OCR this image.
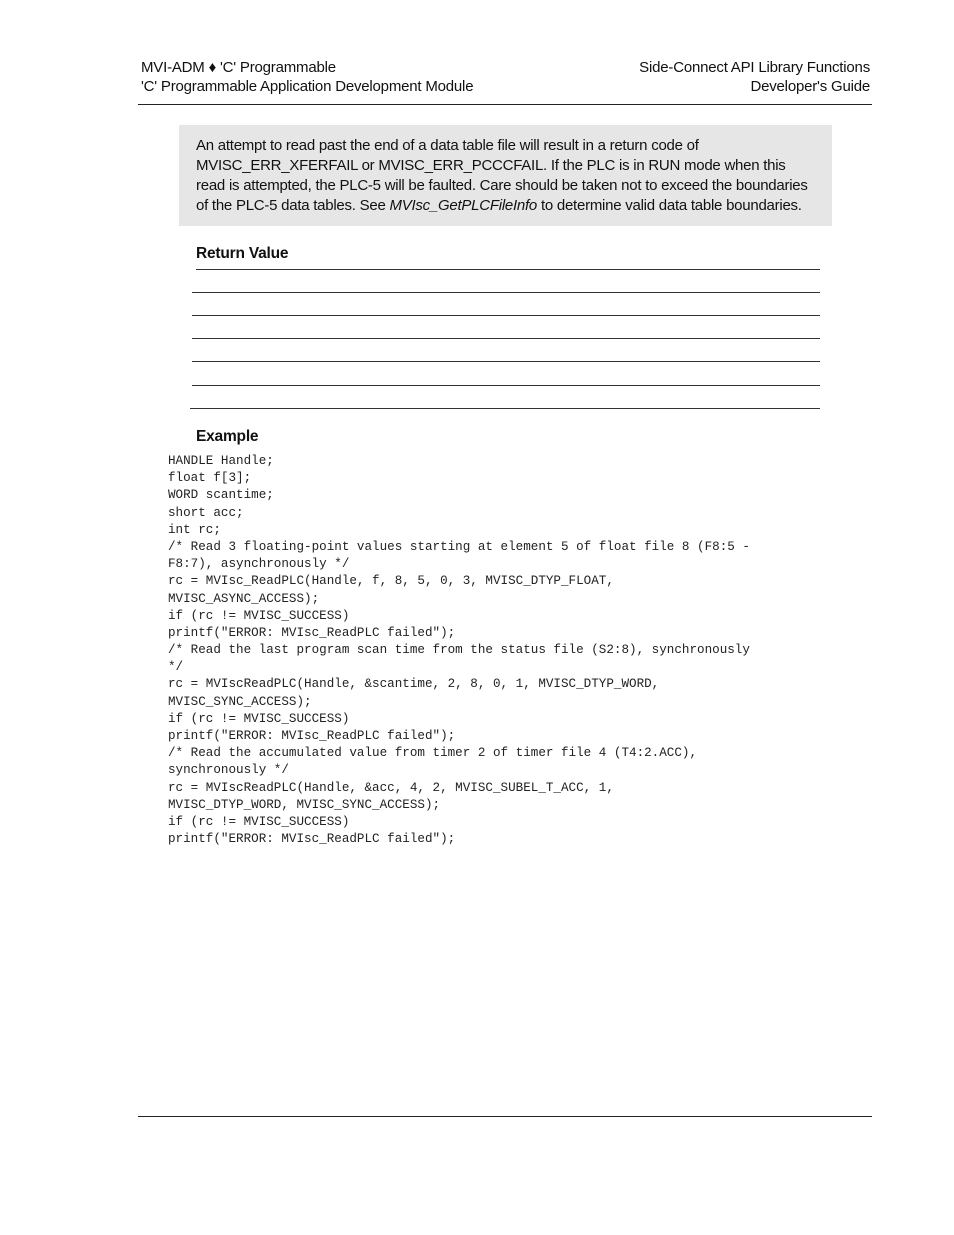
MVI-ADM ♦ 'C' Programmable
'C' Programmable Application Development Module
Side-Connect API Library Functions
Developer's Guide
An attempt to read past the end of a data table file will result in a return code of MVISC_ERR_XFERFAIL or MVISC_ERR_PCCCFAIL. If the PLC is in RUN mode when this read is attempted, the PLC-5 will be faulted. Care should be taken not to exceed the boundaries of the PLC-5 data tables. See MVIsc_GetPLCFileInfo to determine valid data table boundaries.
Return Value
Example
HANDLE Handle;
float f[3];
WORD scantime;
short acc;
int rc;
/* Read 3 floating-point values starting at element 5 of float file 8 (F8:5 -
F8:7), asynchronously */
rc = MVIsc_ReadPLC(Handle, f, 8, 5, 0, 3, MVISC_DTYP_FLOAT,
MVISC_ASYNC_ACCESS);
if (rc != MVISC_SUCCESS)
printf("ERROR: MVIsc_ReadPLC failed");
/* Read the last program scan time from the status file (S2:8), synchronously
*/
rc = MVIscReadPLC(Handle, &scantime, 2, 8, 0, 1, MVISC_DTYP_WORD,
MVISC_SYNC_ACCESS);
if (rc != MVISC_SUCCESS)
printf("ERROR: MVIsc_ReadPLC failed");
/* Read the accumulated value from timer 2 of timer file 4 (T4:2.ACC),
synchronously */
rc = MVIscReadPLC(Handle, &acc, 4, 2, MVISC_SUBEL_T_ACC, 1,
MVISC_DTYP_WORD, MVISC_SYNC_ACCESS);
if (rc != MVISC_SUCCESS)
printf("ERROR: MVIsc_ReadPLC failed");
